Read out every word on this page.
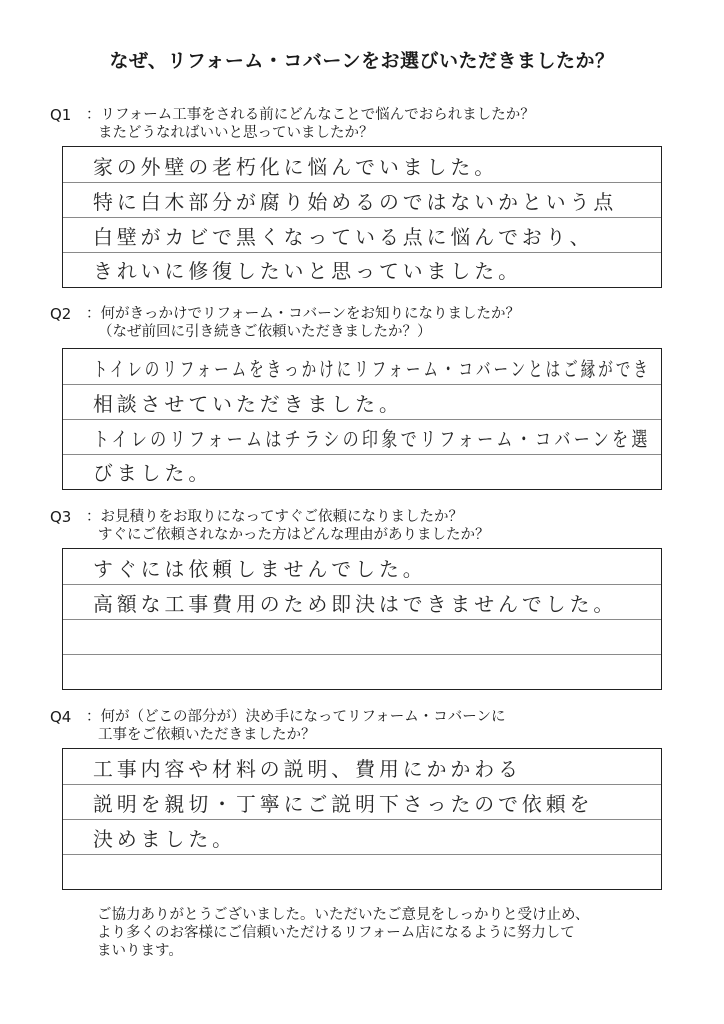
なぜ、リフォーム・コバーンをお選びいただきましたか？
Q1 ：リフォーム工事をされる前にどんなことで悩んでおられましたか？
またどうなればいいと思っていましたか？
家の外壁の老朽化に悩んでいました。
特に白木部分が腐り始めるのではないかという点
白壁がカビで黒くなっている点に悩んでおり、
きれいに修復したいと思っていました。
Q2 ：何がきっかけでリフォーム・コバーンをお知りになりましたか？
（なぜ前回に引き続きご依頼いただきましたか？）
トイレのリフォームをきっかけにリフォーム・コバーンとはご縁ができ
相談させていただきました。
トイレのリフォームはチラシの印象でリフォーム・コバーンを選
びました。
Q3 ：お見積りをお取りになってすぐご依頼になりましたか？
すぐにご依頼されなかった方はどんな理由がありましたか？
すぐには依頼しませんでした。
高額な工事費用のため即決はできませんでした。
Q4 ：何が（どこの部分が）決め手になってリフォーム・コバーンに
工事をご依頼いただきましたか？
工事内容や材料の説明、費用にかかわる
説明を親切・丁寧にご説明下さったので依頼を
決めました。
ご協力ありがとうございました。いただいたご意見をしっかりと受け止め、
より多くのお客様にご信頼いただけるリフォーム店になるように努力して
まいります。
